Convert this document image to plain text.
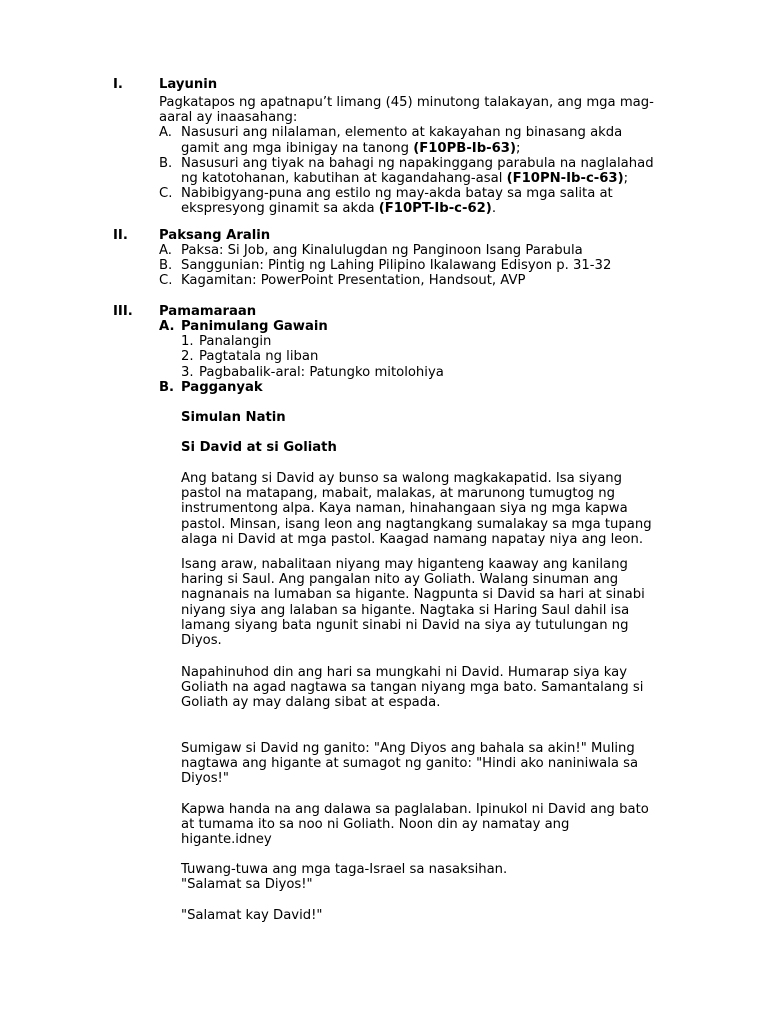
I.	Layunin
Pagkatapos ng apatnapu’t limang (45) minutong talakayan, ang mga mag-
aaral ay inaasahang:
A. Nasusuri ang nilalaman, elemento at kakayahan ng binasang akda
gamit ang mga ibinigay na tanong (F10PB-Ib-63);
B. Nasusuri ang tiyak na bahagi ng napakinggang parabula na naglalahad
ng katotohanan, kabutihan at kagandahang-asal (F10PN-Ib-c-63);
C. Nabibigyang-puna ang estilo ng may-akda batay sa mga salita at
ekspresyong ginamit sa akda (F10PT-Ib-c-62).
II. Paksang Aralin
A. Paksa: Si Job, ang Kinalulugdan ng Panginoon Isang Parabula
B. Sanggunian: Pintig ng Lahing Pilipino Ikalawang Edisyon p. 31-32
C. Kagamitan: PowerPoint Presentation, Handsout, AVP
III. Pamamaraan
A. Panimulang Gawain
1. Panalangin
2. Pagtatala ng liban
3. Pagbabalik-aral: Patungko mitolohiya
B. Pagganyak
Simulan Natin
Si David at si Goliath
Ang batang si David ay bunso sa walong magkakapatid. Isa siyang
pastol na matapang, mabait, malakas, at marunong tumugtog ng
instrumentong alpa. Kaya naman, hinahangaan siya ng mga kapwa
pastol. Minsan, isang leon ang nagtangkang sumalakay sa mga tupang
alaga ni David at mga pastol. Kaagad namang napatay niya ang leon.
Isang araw, nabalitaan niyang may higanteng kaaway ang kanilang
haring si Saul. Ang pangalan nito ay Goliath. Walang sinuman ang
nagnanais na lumaban sa higante. Nagpunta si David sa hari at sinabi
niyang siya ang lalaban sa higante. Nagtaka si Haring Saul dahil isa
lamang siyang bata ngunit sinabi ni David na siya ay tutulungan ng
Diyos.
Napahinuhod din ang hari sa mungkahi ni David. Humarap siya kay
Goliath na agad nagtawa sa tangan niyang mga bato. Samantalang si
Goliath ay may dalang sibat at espada.
Sumigaw si David ng ganito: "Ang Diyos ang bahala sa akin!" Muling
nagtawa ang higante at sumagot ng ganito: "Hindi ako naniniwala sa
Diyos!"
Kapwa handa na ang dalawa sa paglalaban. Ipinukol ni David ang bato
at tumama ito sa noo ni Goliath. Noon din ay namatay ang
higante.idney
Tuwang-tuwa ang mga taga-Israel sa nasaksihan.
"Salamat sa Diyos!"
"Salamat kay David!"
